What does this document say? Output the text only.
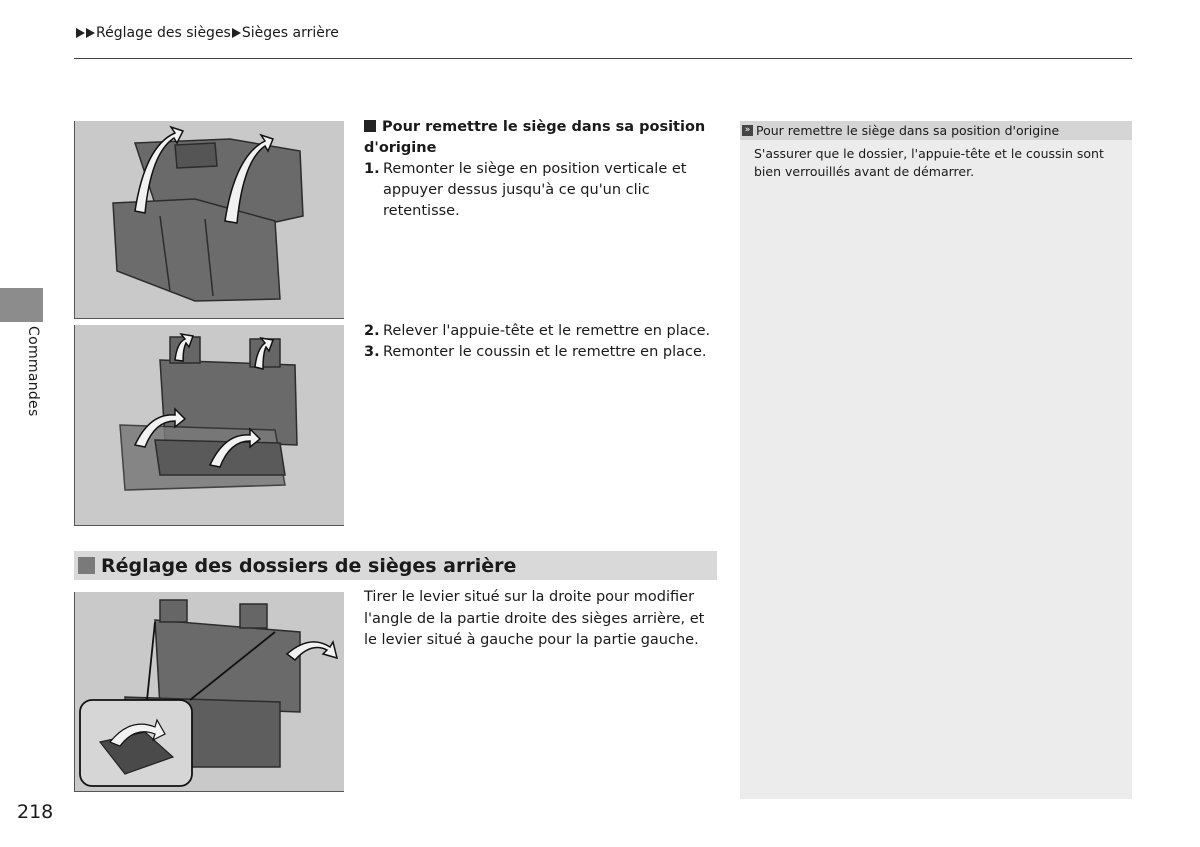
Réglage des sièges Sièges arrière
Commandes
Réglage des dossiers de sièges arrière
Pour remettre le siège dans sa position d'origine
1. Remonter le siège en position verticale et appuyer dessus jusqu'à ce qu'un clic retentisse.
2. Relever l'appuie-tête et le remettre en place.
3. Remonter le coussin et le remettre en place.
Tirer le levier situé sur la droite pour modifier l'angle de la partie droite des sièges arrière, et le levier situé à gauche pour la partie gauche.
» Pour remettre le siège dans sa position d'origine
S'assurer que le dossier, l'appuie-tête et le coussin sont bien verrouillés avant de démarrer.
218
